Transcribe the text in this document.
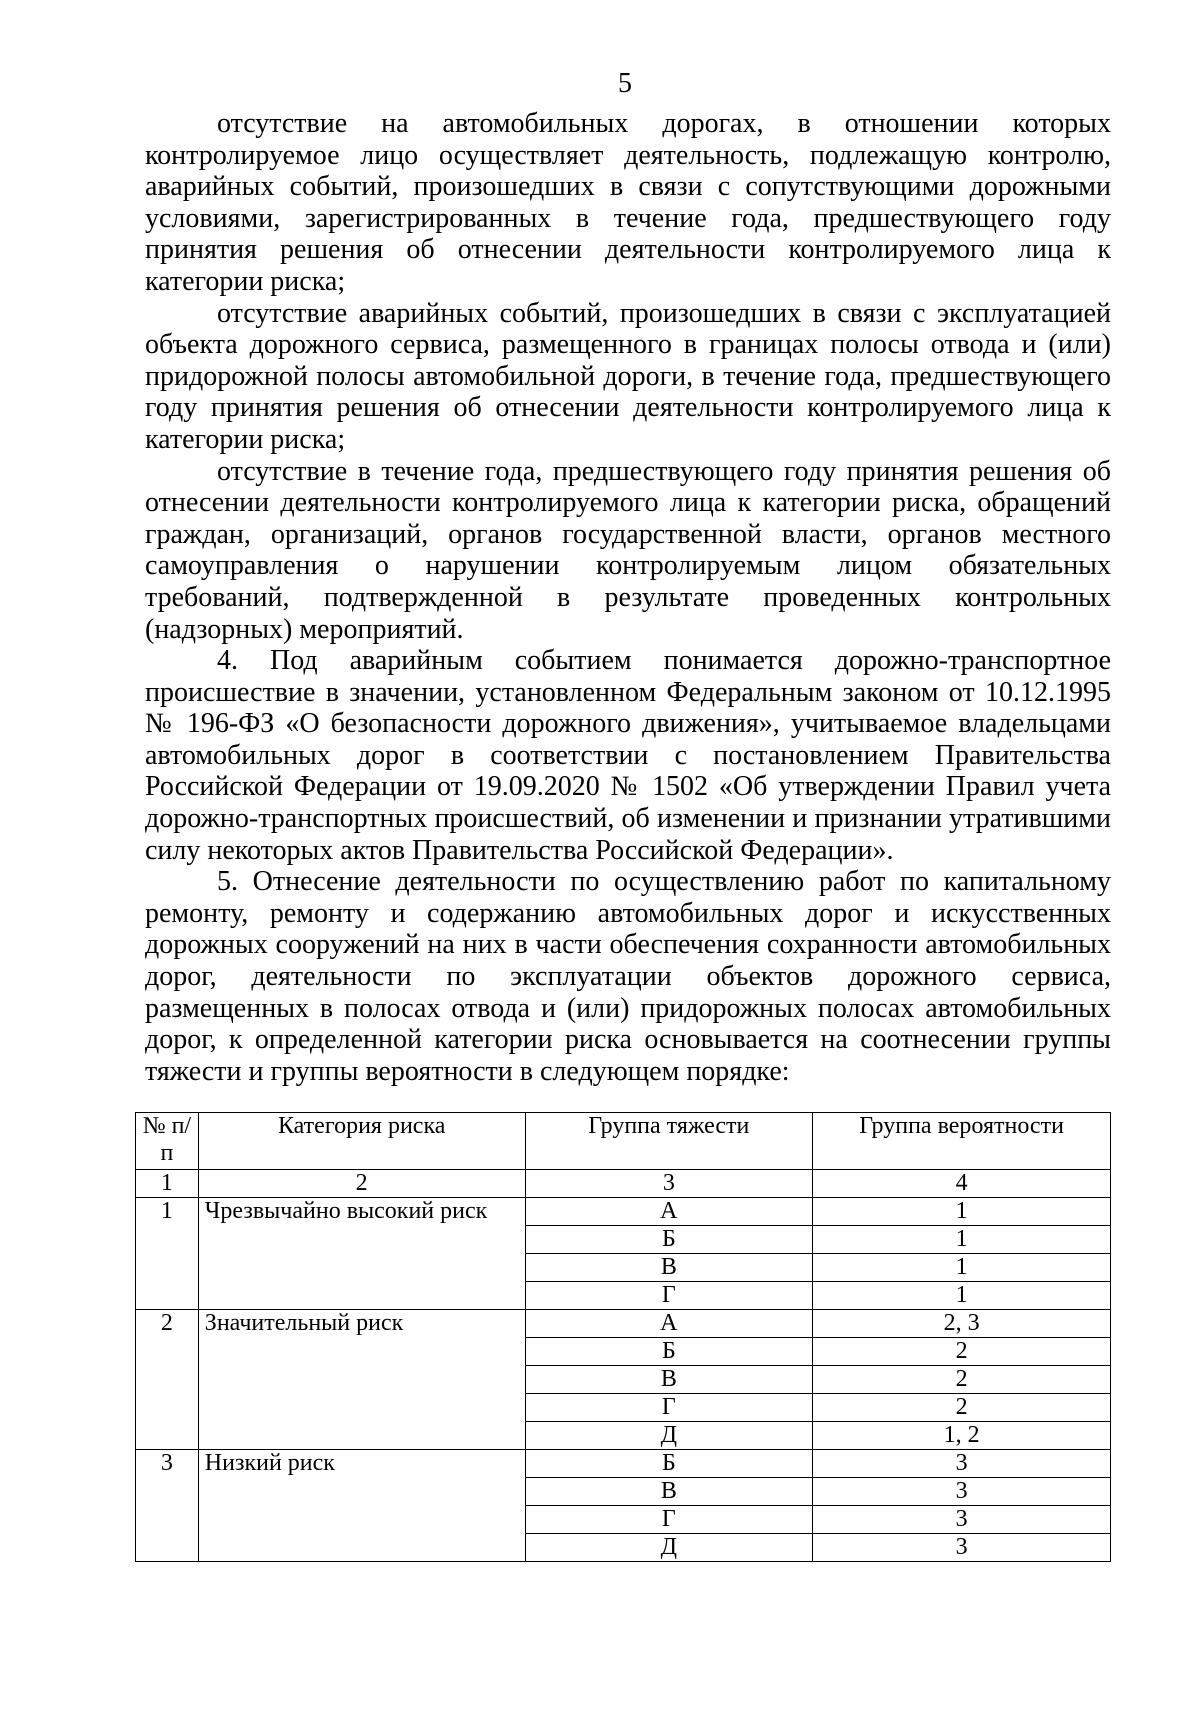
5

отсутствие на автомобильных дорогах, в отношении которых контролируемое лицо осуществляет деятельность, подлежащую контролю, аварийных событий, произошедших в связи с сопутствующими дорожными условиями, зарегистрированных в течение года, предшествующего году принятия решения об отнесении деятельности контролируемого лица к категории риска;

отсутствие аварийных событий, произошедших в связи с эксплуатацией объекта дорожного сервиса, размещенного в границах полосы отвода и (или) придорожной полосы автомобильной дороги, в течение года, предшествующего году принятия решения об отнесении деятельности контролируемого лица к категории риска;

отсутствие в течение года, предшествующего году принятия решения об отнесении деятельности контролируемого лица к категории риска, обращений граждан, организаций, органов государственной власти, органов местного самоуправления о нарушении контролируемым лицом обязательных требований, подтвержденной в результате проведенных контрольных (надзорных) мероприятий.

4. Под аварийным событием понимается дорожно-транспортное происшествие в значении, установленном Федеральным законом от 10.12.1995 № 196-ФЗ «О безопасности дорожного движения», учитываемое владельцами автомобильных дорог в соответствии с постановлением Правительства Российской Федерации от 19.09.2020 № 1502 «Об утверждении Правил учета дорожно-транспортных происшествий, об изменении и признании утратившими силу некоторых актов Правительства Российской Федерации».

5. Отнесение деятельности по осуществлению работ по капитальному ремонту, ремонту и содержанию автомобильных дорог и искусственных дорожных сооружений на них в части обеспечения сохранности автомобильных дорог, деятельности по эксплуатации объектов дорожного сервиса, размещенных в полосах отвода и (или) придорожных полосах автомобильных дорог, к определенной категории риска основывается на соотнесении группы тяжести и группы вероятности в следующем порядке:

№ п/п	Категория риска	Группа тяжести	Группа вероятности
1	2	3	4
1	Чрезвычайно высокий риск	А	1
		Б	1
		В	1
		Г	1
2	Значительный риск	А	2, 3
		Б	2
		В	2
		Г	2
		Д	1, 2
3	Низкий риск	Б	3
		В	3
		Г	3
		Д	3
